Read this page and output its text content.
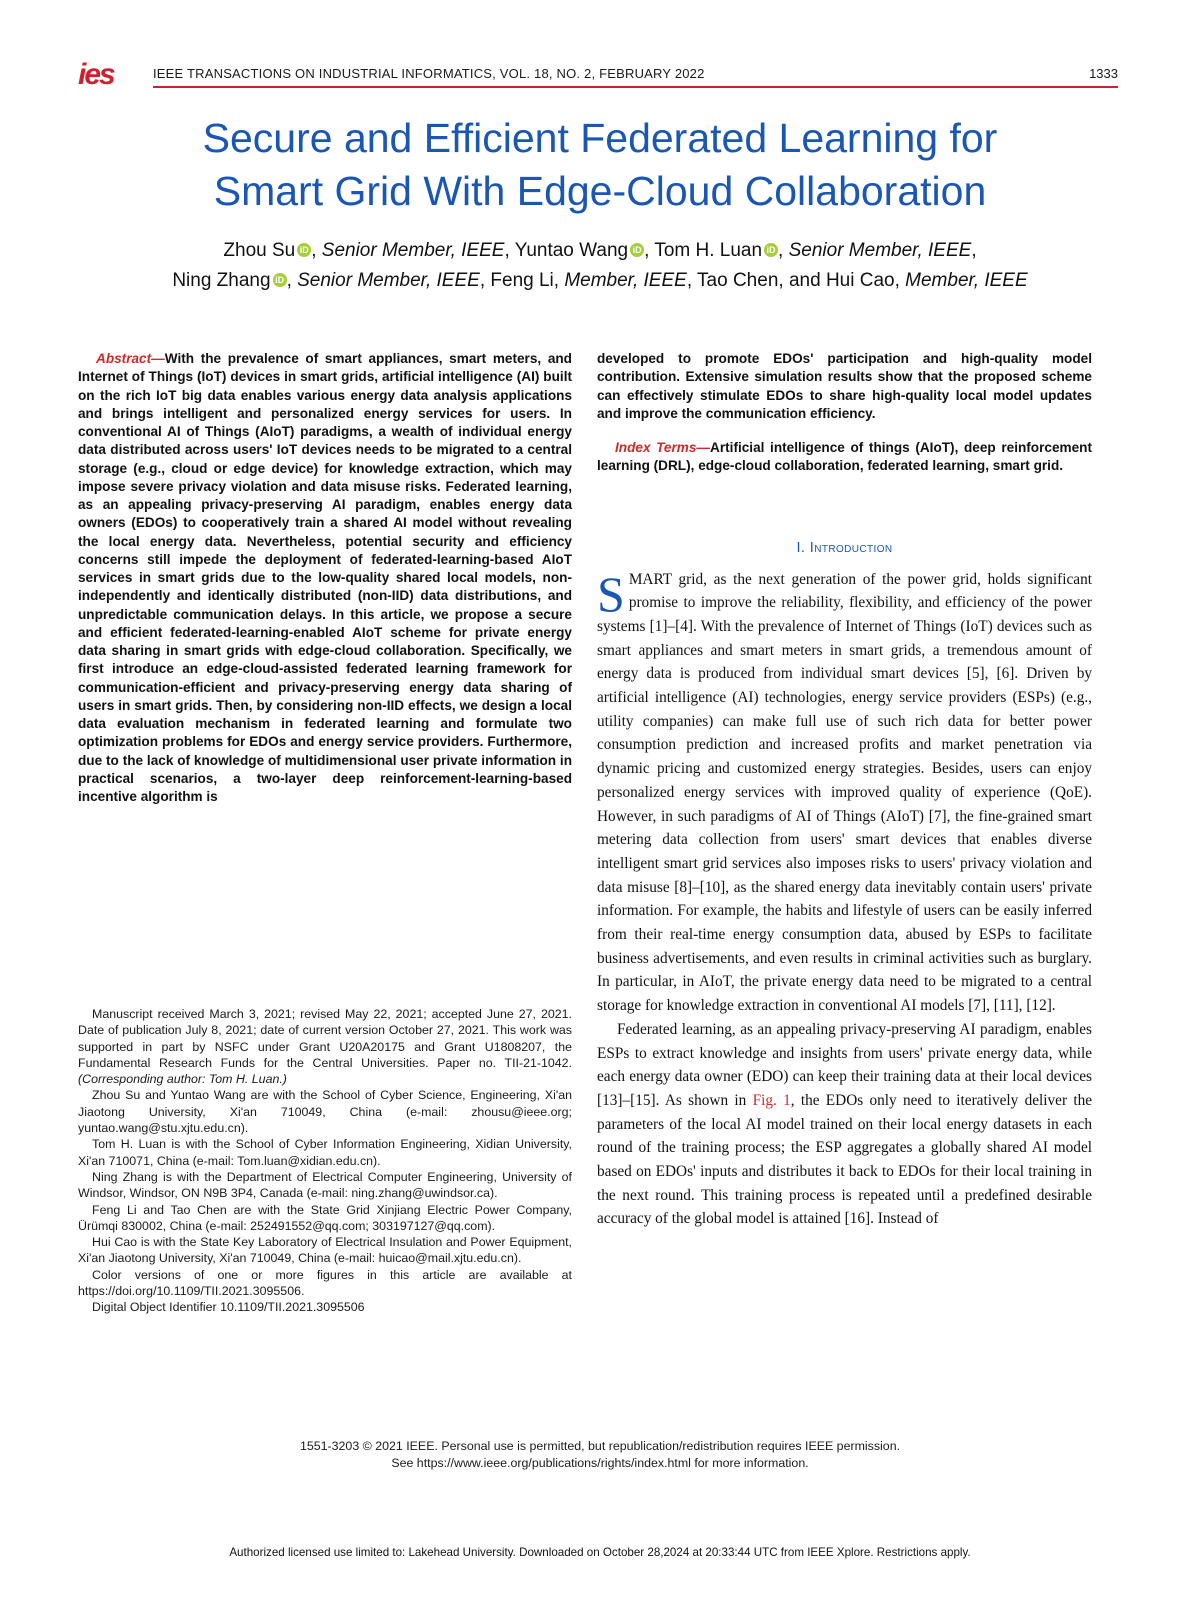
ies	IEEE TRANSACTIONS ON INDUSTRIAL INFORMATICS, VOL. 18, NO. 2, FEBRUARY 2022	1333
Secure and Efficient Federated Learning for
Smart Grid With Edge-Cloud Collaboration
Zhou Su iD , Senior Member, IEEE, Yuntao Wang iD , Tom H. Luan iD , Senior Member, IEEE,
Ning Zhang iD , Senior Member, IEEE, Feng Li, Member, IEEE, Tao Chen, and Hui Cao, Member, IEEE

Abstract—With the prevalence of smart appliances, smart meters, and Internet of Things (IoT) devices in smart grids, artificial intelligence (AI) built on the rich IoT big data enables various energy data analysis applications and brings intelligent and personalized energy services for users. In conventional AI of Things (AIoT) paradigms, a wealth of individual energy data distributed across users' IoT devices needs to be migrated to a central storage (e.g., cloud or edge device) for knowledge extraction, which may impose severe privacy violation and data misuse risks. Federated learning, as an appealing privacy-preserving AI paradigm, enables energy data owners (EDOs) to cooperatively train a shared AI model without revealing the local energy data. Nevertheless, potential security and efficiency concerns still impede the deployment of federated-learning-based AIoT services in smart grids due to the low-quality shared local models, non-independently and identically distributed (non-IID) data distributions, and unpredictable communication delays. In this article, we propose a secure and efficient federated-learning-enabled AIoT scheme for private energy data sharing in smart grids with edge-cloud collaboration. Specifically, we first introduce an edge-cloud-assisted federated learning framework for communication-efficient and privacy-preserving energy data sharing of users in smart grids. Then, by considering non-IID effects, we design a local data evaluation mechanism in federated learning and formulate two optimization problems for EDOs and energy service providers. Furthermore, due to the lack of knowledge of multidimensional user private information in practical scenarios, a two-layer deep reinforcement-learning-based incentive algorithm is

Manuscript received March 3, 2021; revised May 22, 2021; accepted June 27, 2021. Date of publication July 8, 2021; date of current version October 27, 2021. This work was supported in part by NSFC under Grant U20A20175 and Grant U1808207, the Fundamental Research Funds for the Central Universities. Paper no. TII-21-1042. (Corresponding author: Tom H. Luan.)

Zhou Su and Yuntao Wang are with the School of Cyber Science, Engineering, Xi'an Jiaotong University, Xi'an 710049, China (e-mail: zhousu@ieee.org; yuntao.wang@stu.xjtu.edu.cn).

Tom H. Luan is with the School of Cyber Information Engineering, Xidian University, Xi'an 710071, China (e-mail: Tom.luan@xidian.edu.cn).

Ning Zhang is with the Department of Electrical Computer Engineering, University of Windsor, Windsor, ON N9B 3P4, Canada (e-mail: ning.zhang@uwindsor.ca).

Feng Li and Tao Chen are with the State Grid Xinjiang Electric Power Company, Ürümqi 830002, China (e-mail: 252491552@qq.com; 303197127@qq.com).

Hui Cao is with the State Key Laboratory of Electrical Insulation and Power Equipment, Xi'an Jiaotong University, Xi'an 710049, China (e-mail: huicao@mail.xjtu.edu.cn).

Color versions of one or more figures in this article are available at https://doi.org/10.1109/TII.2021.3095506.

Digital Object Identifier 10.1109/TII.2021.3095506

developed to promote EDOs' participation and high-quality model contribution. Extensive simulation results show that the proposed scheme can effectively stimulate EDOs to share high-quality local model updates and improve the communication efficiency.

Index Terms—Artificial intelligence of things (AIoT), deep reinforcement learning (DRL), edge-cloud collaboration, federated learning, smart grid.

I. Introduction

SMART grid, as the next generation of the power grid, holds significant promise to improve the reliability, flexibility, and efficiency of the power systems [1]–[4]. With the prevalence of Internet of Things (IoT) devices such as smart appliances and smart meters in smart grids, a tremendous amount of energy data is produced from individual smart devices [5], [6]. Driven by artificial intelligence (AI) technologies, energy service providers (ESPs) (e.g., utility companies) can make full use of such rich data for better power consumption prediction and increased profits and market penetration via dynamic pricing and customized energy strategies. Besides, users can enjoy personalized energy services with improved quality of experience (QoE). However, in such paradigms of AI of Things (AIoT) [7], the fine-grained smart metering data collection from users' smart devices that enables diverse intelligent smart grid services also imposes risks to users' privacy violation and data misuse [8]–[10], as the shared energy data inevitably contain users' private information. For example, the habits and lifestyle of users can be easily inferred from their real-time energy consumption data, abused by ESPs to facilitate business advertisements, and even results in criminal activities such as burglary. In particular, in AIoT, the private energy data need to be migrated to a central storage for knowledge extraction in conventional AI models [7], [11], [12].

Federated learning, as an appealing privacy-preserving AI paradigm, enables ESPs to extract knowledge and insights from users' private energy data, while each energy data owner (EDO) can keep their training data at their local devices [13]–[15]. As shown in Fig. 1, the EDOs only need to iteratively deliver the parameters of the local AI model trained on their local energy datasets in each round of the training process; the ESP aggregates a globally shared AI model based on EDOs' inputs and distributes it back to EDOs for their local training in the next round. This training process is repeated until a predefined desirable accuracy of the global model is attained [16]. Instead of

1551-3203 © 2021 IEEE. Personal use is permitted, but republication/redistribution requires IEEE permission.
See https://www.ieee.org/publications/rights/index.html for more information.
Authorized licensed use limited to: Lakehead University. Downloaded on October 28,2024 at 20:33:44 UTC from IEEE Xplore. Restrictions apply.
